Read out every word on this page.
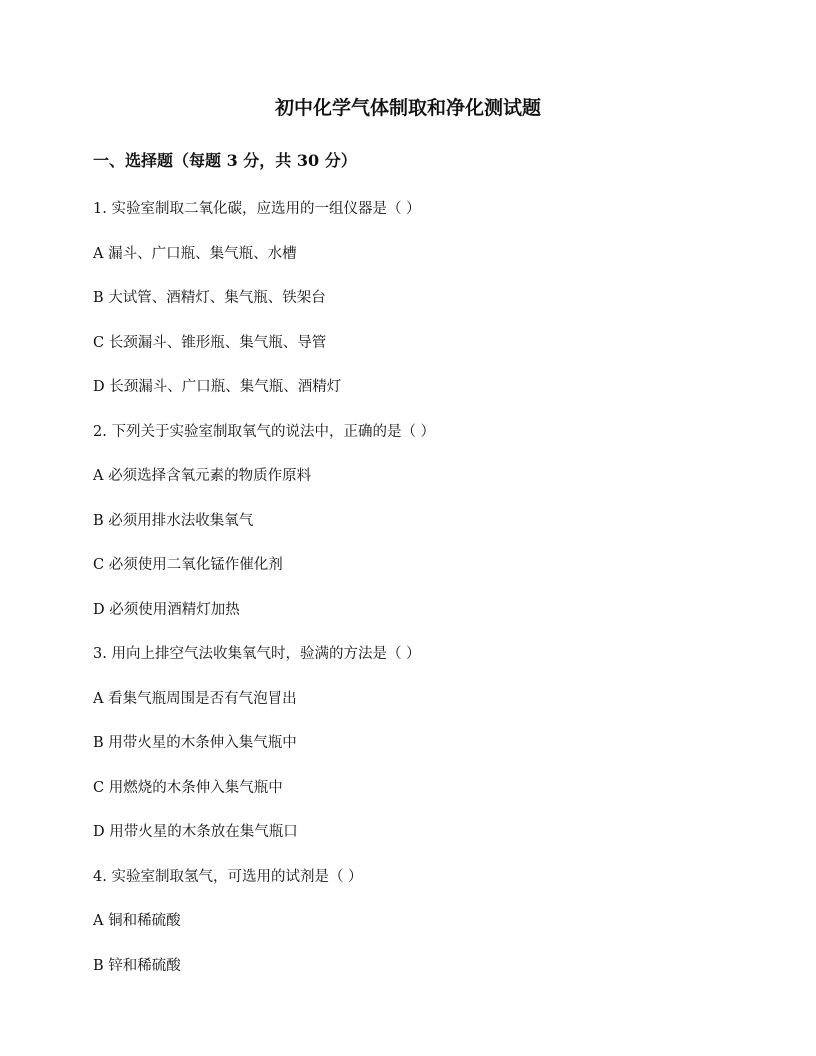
初中化学气体制取和净化测试题
一、选择题（每题 3 分，共 30 分）
1. 实验室制取二氧化碳，应选用的一组仪器是（ ）
A 漏斗、广口瓶、集气瓶、水槽
B 大试管、酒精灯、集气瓶、铁架台
C 长颈漏斗、锥形瓶、集气瓶、导管
D 长颈漏斗、广口瓶、集气瓶、酒精灯
2. 下列关于实验室制取氧气的说法中，正确的是（ ）
A 必须选择含氧元素的物质作原料
B 必须用排水法收集氧气
C 必须使用二氧化锰作催化剂
D 必须使用酒精灯加热
3. 用向上排空气法收集氧气时，验满的方法是（ ）
A 看集气瓶周围是否有气泡冒出
B 用带火星的木条伸入集气瓶中
C 用燃烧的木条伸入集气瓶中
D 用带火星的木条放在集气瓶口
4. 实验室制取氢气，可选用的试剂是（ ）
A 铜和稀硫酸
B 锌和稀硫酸
